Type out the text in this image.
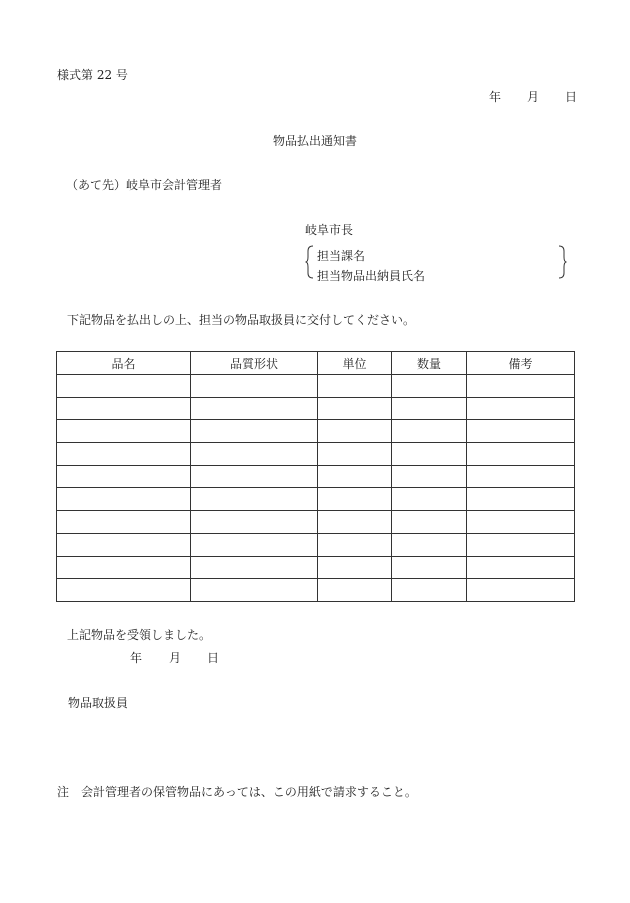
様式第 22 号
年 月 日
物品払出通知書
（あて先）岐阜市会計管理者
岐阜市長
担当課名
担当物品出納員氏名
下記物品を払出しの上、担当の物品取扱員に交付してください。
品名	品質形状	単位	数量	備考

上記物品を受領しました。
年 月 日
物品取扱員
注　会計管理者の保管物品にあっては、この用紙で請求すること。
